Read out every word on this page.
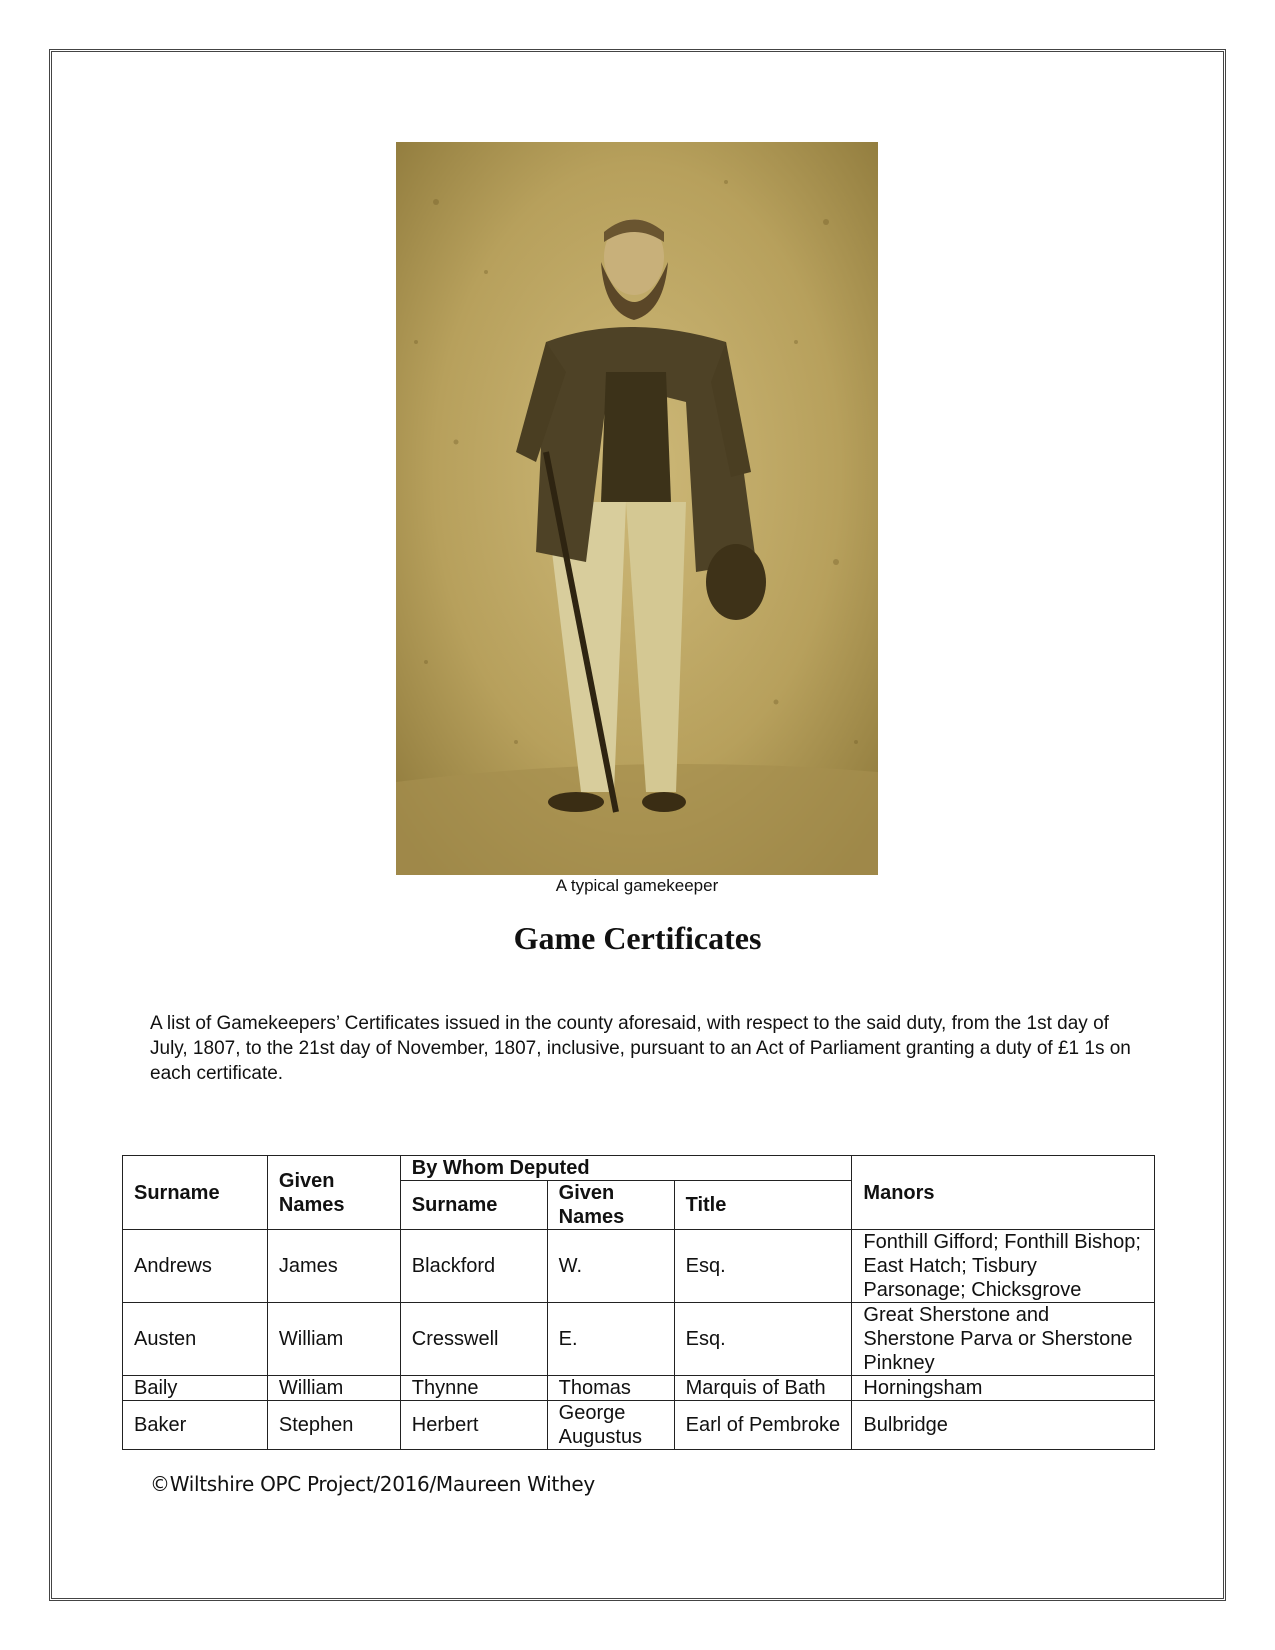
A typical gamekeeper
Game Certificates
A list of Gamekeepers’ Certificates issued in the county aforesaid, with respect to the said duty, from the 1st day of July, 1807, to the 21st day of November, 1807, inclusive, pursuant to an Act of Parliament granting a duty of £1 1s on each certificate.
Surname	Given Names	By Whom Deputed			Manors
		Surname	Given Names	Title	
Andrews	James	Blackford	W.	Esq.	Fonthill Gifford; Fonthill Bishop; East Hatch; Tisbury Parsonage; Chicksgrove
Austen	William	Cresswell	E.	Esq.	Great Sherstone and Sherstone Parva or Sherstone Pinkney
Baily	William	Thynne	Thomas	Marquis of Bath	Horningsham
Baker	Stephen	Herbert	George Augustus	Earl of Pembroke	Bulbridge
©Wiltshire OPC Project/2016/Maureen Withey
